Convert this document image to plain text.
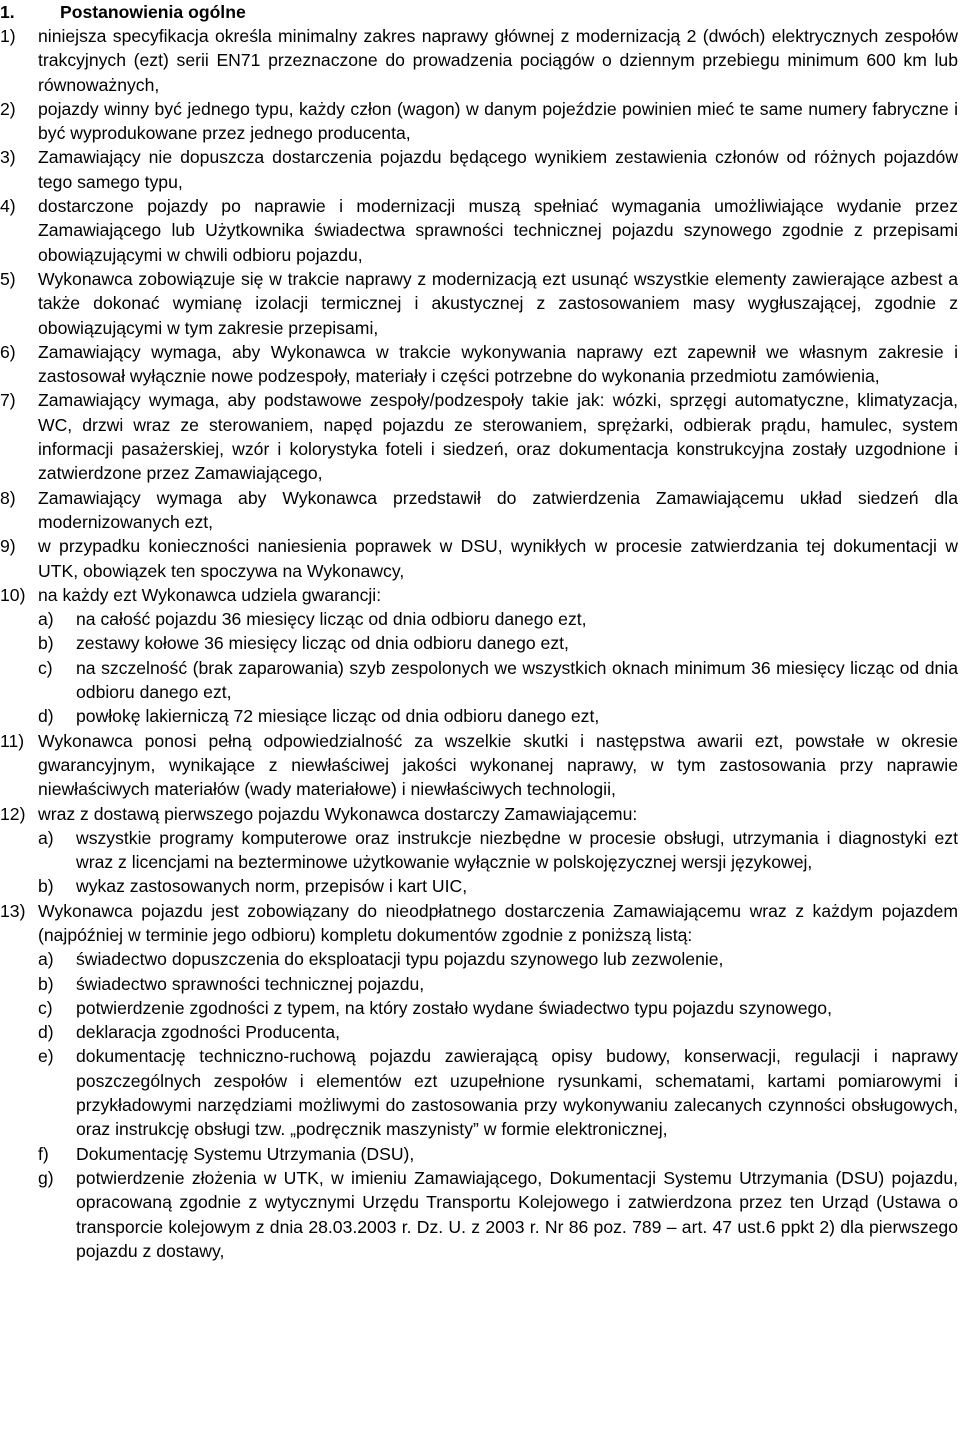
1.	Postanowienia ogólne
1)	niniejsza specyfikacja określa minimalny zakres naprawy głównej z modernizacją 2 (dwóch) elektrycznych zespołów trakcyjnych (ezt) serii EN71 przeznaczone do prowadzenia pociągów o dziennym przebiegu minimum 600 km lub równoważnych,
2)	pojazdy winny być jednego typu, każdy człon (wagon) w danym pojeździe powinien mieć te same numery fabryczne i być wyprodukowane przez jednego producenta,
3)	Zamawiający nie dopuszcza dostarczenia pojazdu będącego wynikiem zestawienia członów od różnych pojazdów tego samego typu,
4)	dostarczone pojazdy po naprawie i modernizacji muszą spełniać wymagania umożliwiające wydanie przez Zamawiającego lub Użytkownika świadectwa sprawności technicznej pojazdu szynowego zgodnie z przepisami obowiązującymi w chwili odbioru pojazdu,
5)	Wykonawca zobowiązuje się w trakcie naprawy z modernizacją ezt usunąć wszystkie elementy zawierające azbest a także dokonać wymianę izolacji termicznej i akustycznej z zastosowaniem masy wygłuszającej, zgodnie z obowiązującymi w tym zakresie przepisami,
6)	Zamawiający wymaga, aby Wykonawca w trakcie wykonywania naprawy ezt zapewnił we własnym zakresie i zastosował wyłącznie nowe podzespoły, materiały i części potrzebne do wykonania przedmiotu zamówienia,
7)	Zamawiający wymaga, aby podstawowe zespoły/podzespoły takie jak: wózki, sprzęgi automatyczne, klimatyzacja, WC, drzwi wraz ze sterowaniem, napęd pojazdu ze sterowaniem, sprężarki, odbierak prądu, hamulec, system informacji pasażerskiej, wzór i kolorystyka foteli i siedzeń, oraz dokumentacja konstrukcyjna zostały uzgodnione i zatwierdzone przez Zamawiającego,
8)	Zamawiający wymaga aby Wykonawca przedstawił do zatwierdzenia Zamawiającemu układ siedzeń dla modernizowanych ezt,
9)	w przypadku konieczności naniesienia poprawek w DSU, wynikłych w procesie zatwierdzania tej dokumentacji w UTK, obowiązek ten spoczywa na Wykonawcy,
10) na każdy ezt Wykonawca udziela gwarancji:
a)	na całość pojazdu 36 miesięcy licząc od dnia odbioru danego ezt,
b)	zestawy kołowe 36 miesięcy licząc od dnia odbioru danego ezt,
c)	na szczelność (brak zaparowania) szyb zespolonych we wszystkich oknach minimum 36 miesięcy licząc od dnia odbioru danego ezt,
d)	powłokę lakierniczą 72 miesiące licząc od dnia odbioru danego ezt,
11) Wykonawca ponosi pełną odpowiedzialność za wszelkie skutki i następstwa awarii ezt, powstałe w okresie gwarancyjnym, wynikające z niewłaściwej jakości wykonanej naprawy, w tym zastosowania przy naprawie niewłaściwych materiałów (wady materiałowe) i niewłaściwych technologii,
12) wraz z dostawą pierwszego pojazdu Wykonawca dostarczy Zamawiającemu:
a)	wszystkie programy komputerowe oraz instrukcje niezbędne w procesie obsługi, utrzymania i diagnostyki ezt wraz z licencjami na bezterminowe użytkowanie wyłącznie w polskojęzycznej wersji językowej,
b)	wykaz zastosowanych norm, przepisów i kart UIC,
13) Wykonawca pojazdu jest zobowiązany do nieodpłatnego dostarczenia Zamawiającemu wraz z każdym pojazdem (najpóźniej w terminie jego odbioru) kompletu dokumentów zgodnie z poniższą listą:
a)	świadectwo dopuszczenia do eksploatacji typu pojazdu szynowego lub zezwolenie,
b)	świadectwo sprawności technicznej pojazdu,
c)	potwierdzenie zgodności z typem, na który zostało wydane świadectwo typu pojazdu szynowego,
d)	deklaracja zgodności Producenta,
e)	dokumentację techniczno-ruchową pojazdu zawierającą opisy budowy, konserwacji, regulacji i naprawy poszczególnych zespołów i elementów ezt uzupełnione rysunkami, schematami, kartami pomiarowymi i przykładowymi narzędziami możliwymi do zastosowania przy wykonywaniu zalecanych czynności obsługowych, oraz instrukcję obsługi tzw. „podręcznik maszynisty” w formie elektronicznej,
f)	Dokumentację Systemu Utrzymania (DSU),
g)	potwierdzenie złożenia w UTK, w imieniu Zamawiającego, Dokumentacji Systemu Utrzymania (DSU) pojazdu, opracowaną zgodnie z wytycznymi Urzędu Transportu Kolejowego i zatwierdzona przez ten Urząd (Ustawa o transporcie kolejowym z dnia 28.03.2003 r. Dz. U. z 2003 r. Nr 86 poz. 789 – art. 47 ust.6 ppkt 2) dla pierwszego pojazdu z dostawy,
